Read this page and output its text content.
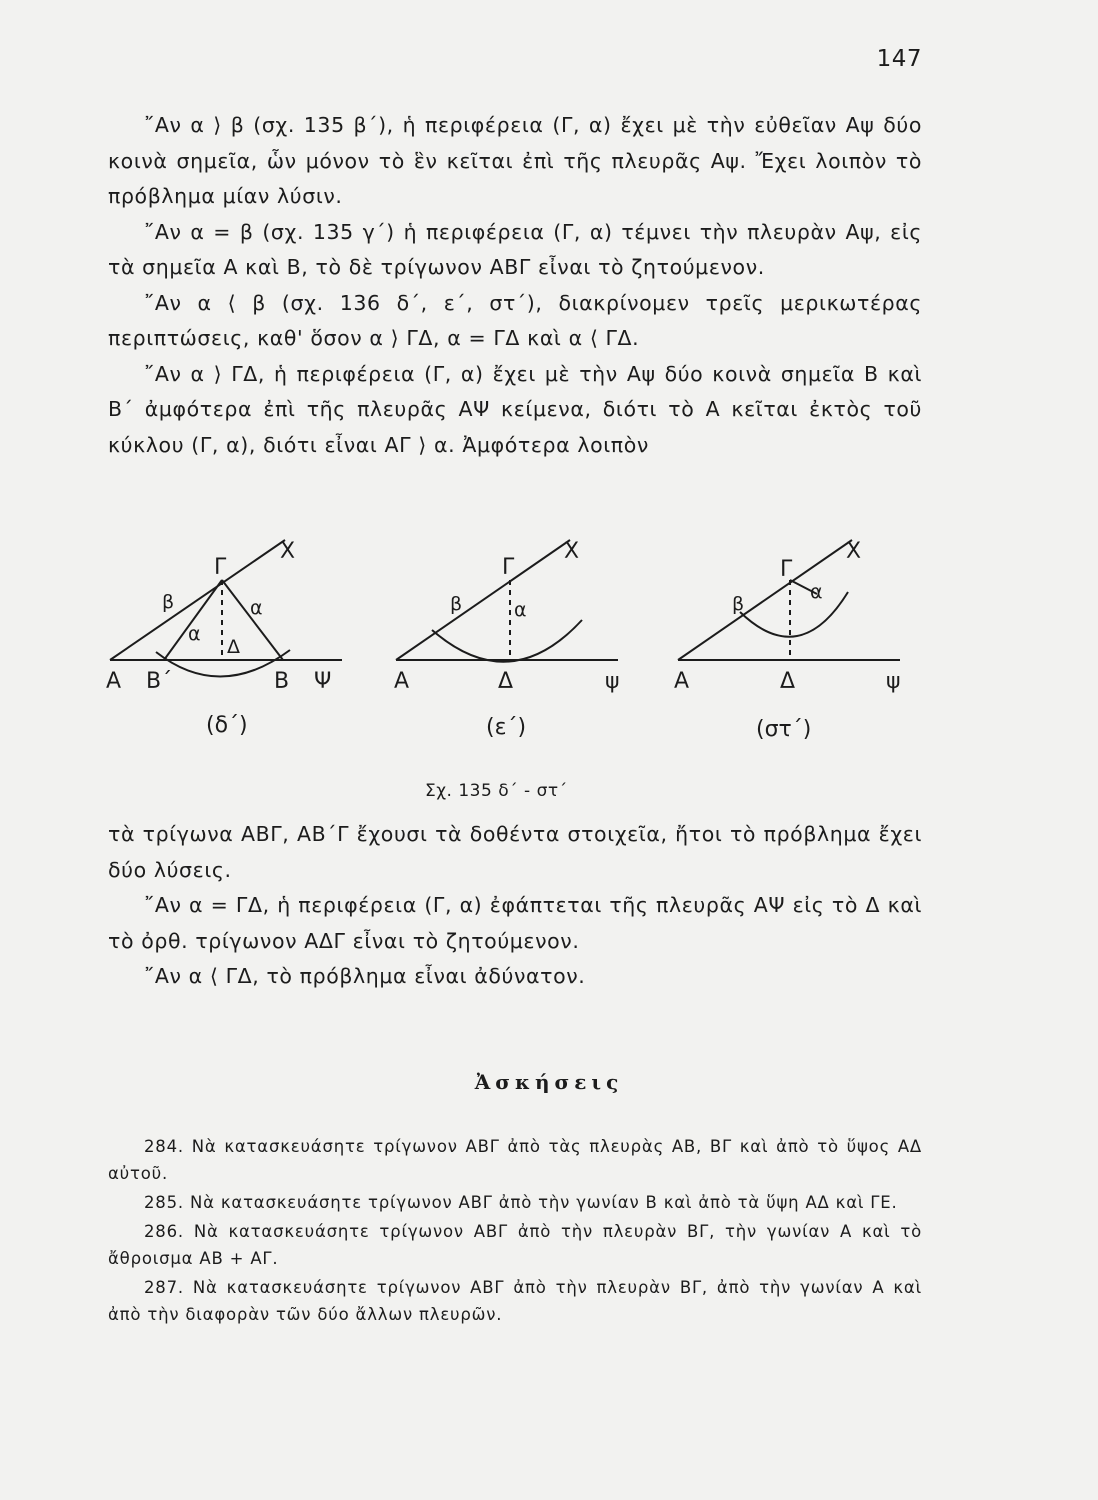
147

῎Αν α ⟩ β (σχ. 135 β΄), ἡ περιφέρεια (Γ, α) ἔχει μὲ τὴν εὐθεῖαν Αψ δύο κοινὰ σημεῖα, ὧν μόνον τὸ ἓν κεῖται ἐπὶ τῆς πλευρᾶς Αψ. Ἔχει λοιπὸν τὸ πρόβλημα μίαν λύσιν.

῎Αν α = β (σχ. 135 γ΄) ἡ περιφέρεια (Γ, α) τέμνει τὴν πλευρὰν Αψ, εἰς τὰ σημεῖα Α καὶ Β, τὸ δὲ τρίγωνον ΑΒΓ εἶναι τὸ ζητούμενον.

῎Αν α ⟨ β (σχ. 136 δ΄, ε΄, στ΄), διακρίνομεν τρεῖς μερικωτέρας περιπτώσεις, καθ' ὅσον α ⟩ ΓΔ, α = ΓΔ καὶ α ⟨ ΓΔ.

῎Αν α ⟩ ΓΔ, ἡ περιφέρεια (Γ, α) ἔχει μὲ τὴν Αψ δύο κοινὰ σημεῖα Β καὶ Β΄ ἀμφότερα ἐπὶ τῆς πλευρᾶς ΑΨ κείμενα, διότι τὸ Α κεῖται ἐκτὸς τοῦ κύκλου (Γ, α), διότι εἶναι ΑΓ ⟩ α. Ἀμφότερα λοιπὸν

Χ
Γ
β	α
α
Δ
Α Β΄	Β Ψ
(δ΄)
Χ
Γ
β	α
Α	Δ	ψ
(ε΄)
Χ
Γ
β
α
Α	Δ	ψ
(στ΄)
Σχ. 135 δ΄ - στ΄

τὰ τρίγωνα ΑΒΓ, ΑΒ΄Γ ἔχουσι τὰ δοθέντα στοιχεῖα, ἤτοι τὸ πρόβλημα ἔχει δύο λύσεις.

῎Αν α = ΓΔ, ἡ περιφέρεια (Γ, α) ἐφάπτεται τῆς πλευρᾶς ΑΨ εἰς τὸ Δ καὶ τὸ ὀρθ. τρίγωνον ΑΔΓ εἶναι τὸ ζητούμενον.

῎Αν α ⟨ ΓΔ, τὸ πρόβλημα εἶναι ἀδύνατον.

Ἀσκήσεις

284. Νὰ κατασκευάσητε τρίγωνον ΑΒΓ ἀπὸ τὰς πλευρὰς ΑΒ, ΒΓ καὶ ἀπὸ τὸ ὕψος ΑΔ αὐτοῦ.

285. Νὰ κατασκευάσητε τρίγωνον ΑΒΓ ἀπὸ τὴν γωνίαν Β καὶ ἀπὸ τὰ ὕψη ΑΔ καὶ ΓΕ.

286. Νὰ κατασκευάσητε τρίγωνον ΑΒΓ ἀπὸ τὴν πλευρὰν ΒΓ, τὴν γωνίαν Α καὶ τὸ ἄθροισμα ΑΒ + ΑΓ.

287. Νὰ κατασκευάσητε τρίγωνον ΑΒΓ ἀπὸ τὴν πλευρὰν ΒΓ, ἀπὸ τὴν γωνίαν Α καὶ ἀπὸ τὴν διαφορὰν τῶν δύο ἄλλων πλευρῶν.
